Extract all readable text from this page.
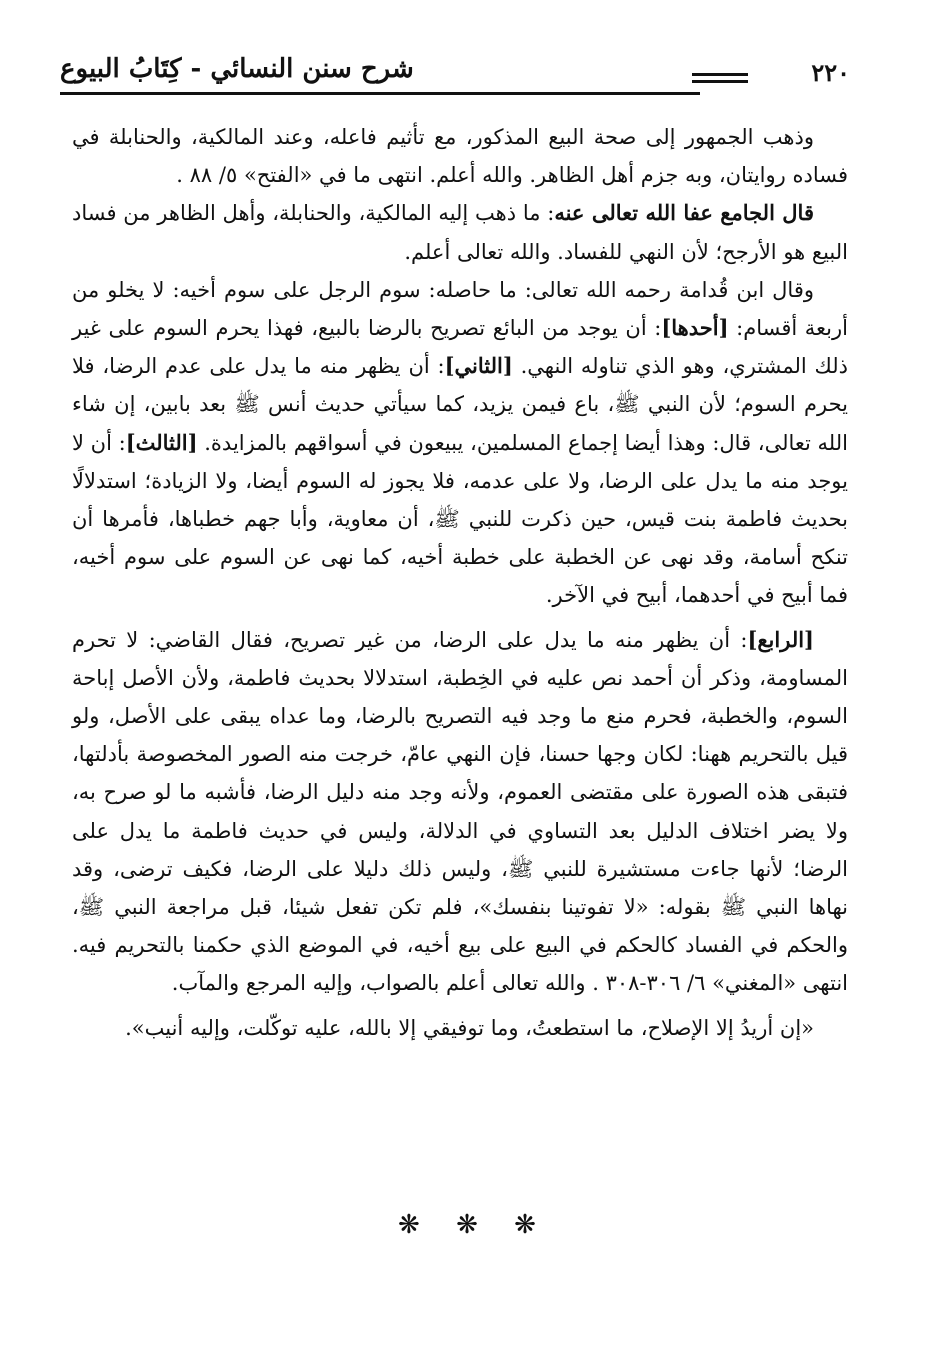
٢٢٠
شرح سنن النسائي - كِتَابُ البيوع

وذهب الجمهور إلى صحة البيع المذكور، مع تأثيم فاعله، وعند المالكية، والحنابلة في فساده روايتان، وبه جزم أهل الظاهر. والله أعلم. انتهى ما في «الفتح» ٥/ ٨٨ .

قال الجامع عفا الله تعالى عنه: ما ذهب إليه المالكية، والحنابلة، وأهل الظاهر من فساد البيع هو الأرجح؛ لأن النهي للفساد. والله تعالى أعلم.

وقال ابن قُدامة رحمه الله تعالى: ما حاصله: سوم الرجل على سوم أخيه: لا يخلو من أربعة أقسام: [أحدها]: أن يوجد من البائع تصريح بالرضا بالبيع، فهذا يحرم السوم على غير ذلك المشتري، وهو الذي تناوله النهي. [الثاني]: أن يظهر منه ما يدل على عدم الرضا، فلا يحرم السوم؛ لأن النبي ﷺ، باع فيمن يزيد، كما سيأتي حديث أنس ﷺ بعد بابين، إن شاء الله تعالى، قال: وهذا أيضا إجماع المسلمين، يبيعون في أسواقهم بالمزايدة. [الثالث]: أن لا يوجد منه ما يدل على الرضا، ولا على عدمه، فلا يجوز له السوم أيضا، ولا الزيادة؛ استدلالًا بحديث فاطمة بنت قيس، حين ذكرت للنبي ﷺ، أن معاوية، وأبا جهم خطباها، فأمرها أن تنكح أسامة، وقد نهى عن الخطبة على خطبة أخيه، كما نهى عن السوم على سوم أخيه، فما أبيح في أحدهما، أبيح في الآخر.

[الرابع]: أن يظهر منه ما يدل على الرضا، من غير تصريح، فقال القاضي: لا تحرم المساومة، وذكر أن أحمد نص عليه في الخِطبة، استدلالا بحديث فاطمة، ولأن الأصل إباحة السوم، والخطبة، فحرم منع ما وجد فيه التصريح بالرضا، وما عداه يبقى على الأصل، ولو قيل بالتحريم ههنا: لكان وجها حسنا، فإن النهي عامّ، خرجت منه الصور المخصوصة بأدلتها، فتبقى هذه الصورة على مقتضى العموم، ولأنه وجد منه دليل الرضا، فأشبه ما لو صرح به، ولا يضر اختلاف الدليل بعد التساوي في الدلالة، وليس في حديث فاطمة ما يدل على الرضا؛ لأنها جاءت مستشيرة للنبي ﷺ، وليس ذلك دليلا على الرضا، فكيف ترضى، وقد نهاها النبي ﷺ بقوله: «لا تفوتينا بنفسك»، فلم تكن تفعل شيئا، قبل مراجعة النبي ﷺ، والحكم في الفساد كالحكم في البيع على بيع أخيه، في الموضع الذي حكمنا بالتحريم فيه. انتهى «المغني» ٦/ ٣٠٦-٣٠٨ . والله تعالى أعلم بالصواب، وإليه المرجع والمآب.

«إن أريدُ إلا الإصلاح، ما استطعتُ، وما توفيقي إلا بالله، عليه توكّلت، وإليه أنيب».

❋ ❋ ❋
